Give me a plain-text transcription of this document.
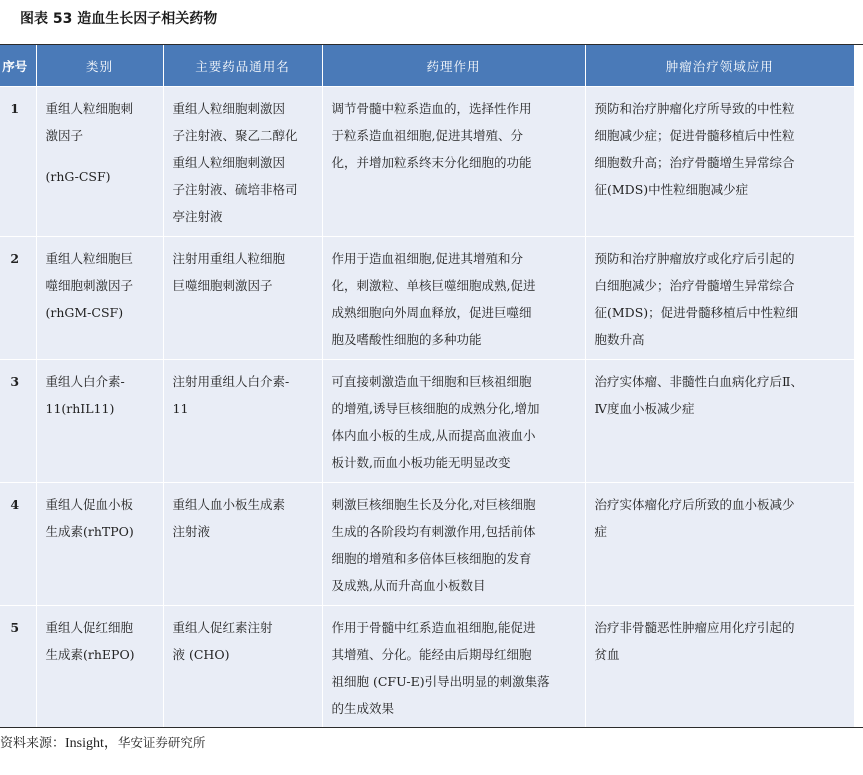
图表 53 造血生长因子相关药物
序号	类别	主要药品通用名	药理作用	肿瘤治疗领域应用
1	重组人粒细胞刺
激因子
(rhG-CSF)	重组人粒细胞刺激因
子注射液、聚乙二醇化
重组人粒细胞刺激因
子注射液、硫培非格司
亭注射液	调节骨髓中粒系造血的，选择性作用
于粒系造血祖细胞,促进其增殖、分
化，并增加粒系终末分化细胞的功能	预防和治疗肿瘤化疗所导致的中性粒
细胞减少症；促进骨髓移植后中性粒
细胞数升高；治疗骨髓增生异常综合
征(MDS)中性粒细胞减少症

2	重组人粒细胞巨
噬细胞刺激因子
(rhGM-CSF)	注射用重组人粒细胞
巨噬细胞刺激因子	作用于造血祖细胞,促进其增殖和分
化，刺激粒、单核巨噬细胞成熟,促进
成熟细胞向外周血释放，促进巨噬细
胞及嗜酸性细胞的多种功能	预防和治疗肿瘤放疗或化疗后引起的
白细胞减少；治疗骨髓增生异常综合
征(MDS)；促进骨髓移植后中性粒细
胞数升高

3	重组人白介素-
11(rhIL11)	注射用重组人白介素-
11	可直接刺激造血干细胞和巨核祖细胞
的增殖,诱导巨核细胞的成熟分化,增加
体内血小板的生成,从而提高血液血小
板计数,而血小板功能无明显改变	治疗实体瘤、非髓性白血病化疗后Ⅱ、
Ⅳ度血小板减少症

4	重组人促血小板
生成素(rhTPO)	重组人血小板生成素
注射液	刺激巨核细胞生长及分化,对巨核细胞
生成的各阶段均有刺激作用,包括前体
细胞的增殖和多倍体巨核细胞的发育
及成熟,从而升高血小板数目	治疗实体瘤化疗后所致的血小板减少
症

5	重组人促红细胞
生成素(rhEPO)	重组人促红素注射
液 (CHO)	作用于骨髓中红系造血祖细胞,能促进
其增殖、分化。能经由后期母红细胞
祖细胞 (CFU-E)引导出明显的刺激集落
的生成效果	治疗非骨髓恶性肿瘤应用化疗引起的
贫血
资料来源：Insight，华安证券研究所
